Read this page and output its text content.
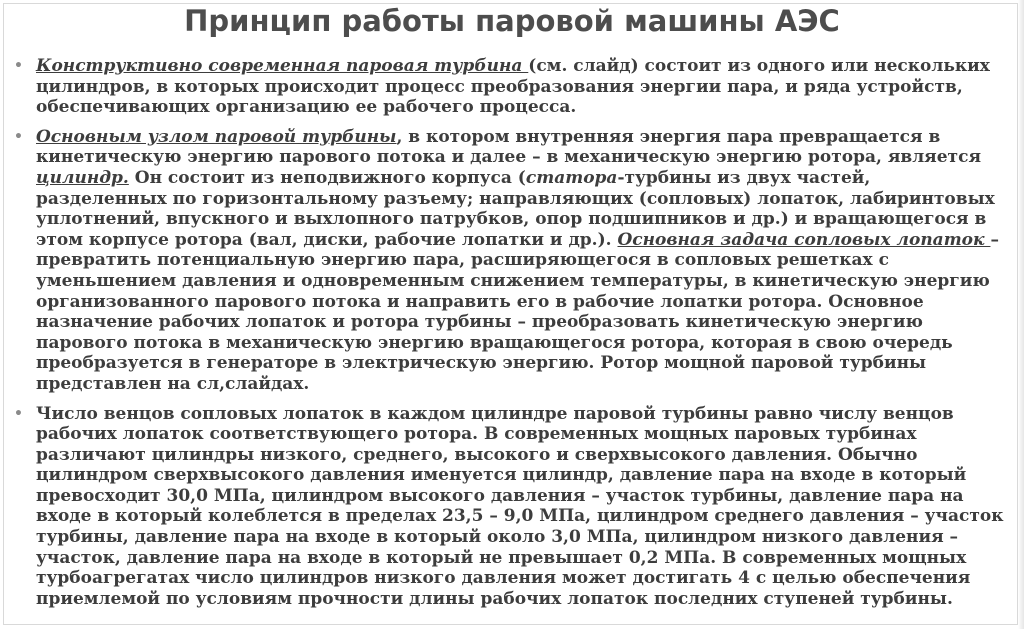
Принцип работы паровой машины АЭС
• Конструктивно современная паровая турбина (см. слайд) состоит из одного или нескольких цилиндров, в которых происходит процесс преобразования энергии пара, и ряда устройств, обеспечивающих организацию ее рабочего процесса.
• Основным узлом паровой турбины, в котором внутренняя энергия пара превращается в кинетическую энергию парового потока и далее – в механическую энергию ротора, является цилиндр. Он состоит из неподвижного корпуса (статора-турбины из двух частей, разделенных по горизонтальному разъему; направляющих (сопловых) лопаток, лабиринтовых уплотнений, впускного и выхлопного патрубков, опор подшипников и др.) и вращающегося в этом корпусе ротора (вал, диски, рабочие лопатки и др.). Основная задача сопловых лопаток – превратить потенциальную энергию пара, расширяющегося в сопловых решетках с уменьшением давления и одновременным снижением температуры, в кинетическую энергию организованного парового потока и направить его в рабочие лопатки ротора. Основное назначение рабочих лопаток и ротора турбины – преобразовать кинетическую энергию парового потока в механическую энергию вращающегося ротора, которая в свою очередь преобразуется в генераторе в электрическую энергию. Ротор мощной паровой турбины представлен на сл,слайдах.
• Число венцов сопловых лопаток в каждом цилиндре паровой турбины равно числу венцов рабочих лопаток соответствующего ротора. В современных мощных паровых турбинах различают цилиндры низкого, среднего, высокого и сверхвысокого давления. Обычно цилиндром сверхвысокого давления именуется цилиндр, давление пара на входе в который превосходит 30,0 МПа, цилиндром высокого давления – участок турбины, давление пара на входе в который колеблется в пределах 23,5 – 9,0 МПа, цилиндром среднего давления – участок турбины, давление пара на входе в который около 3,0 МПа, цилиндром низкого давления – участок, давление пара на входе в который не превышает 0,2 МПа. В современных мощных турбоагрегатах число цилиндров низкого давления может достигать 4 с целью обеспечения приемлемой по условиям прочности длины рабочих лопаток последних ступеней турбины.
